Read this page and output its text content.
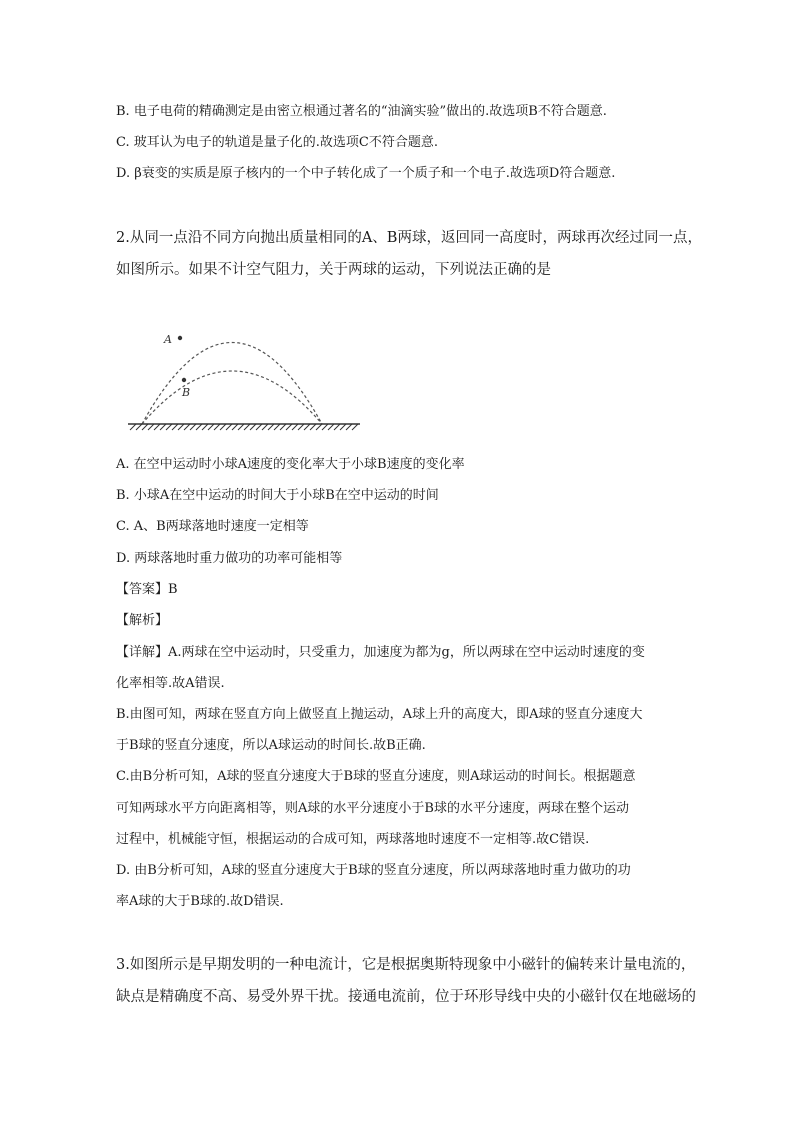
B. 电子电荷的精确测定是由密立根通过著名的“油滴实验”做出的.故选项B不符合题意.
C. 玻耳认为电子的轨道是量子化的.故选项C不符合题意.
D. β衰变的实质是原子核内的一个中子转化成了一个质子和一个电子.故选项D符合题意.
2.从同一点沿不同方向抛出质量相同的A、B两球，返回同一高度时，两球再次经过同一点，
如图所示。如果不计空气阻力，关于两球的运动，下列说法正确的是
A
B
A. 在空中运动时小球A速度的变化率大于小球B速度的变化率
B. 小球A在空中运动的时间大于小球B在空中运动的时间
C. A、B两球落地时速度一定相等
D. 两球落地时重力做功的功率可能相等
【答案】B
【解析】
【详解】A.两球在空中运动时，只受重力，加速度为都为g，所以两球在空中运动时速度的变
化率相等.故A错误.
B.由图可知，两球在竖直方向上做竖直上抛运动，A球上升的高度大，即A球的竖直分速度大
于B球的竖直分速度，所以A球运动的时间长.故B正确.
C.由B分析可知，A球的竖直分速度大于B球的竖直分速度，则A球运动的时间长。根据题意
可知两球水平方向距离相等，则A球的水平分速度小于B球的水平分速度，两球在整个运动
过程中，机械能守恒，根据运动的合成可知，两球落地时速度不一定相等.故C错误.
D. 由B分析可知，A球的竖直分速度大于B球的竖直分速度，所以两球落地时重力做功的功
率A球的大于B球的.故D错误.
3.如图所示是早期发明的一种电流计，它是根据奥斯特现象中小磁针的偏转来计量电流的，
缺点是精确度不高、易受外界干扰。接通电流前，位于环形导线中央的小磁针仅在地磁场的
